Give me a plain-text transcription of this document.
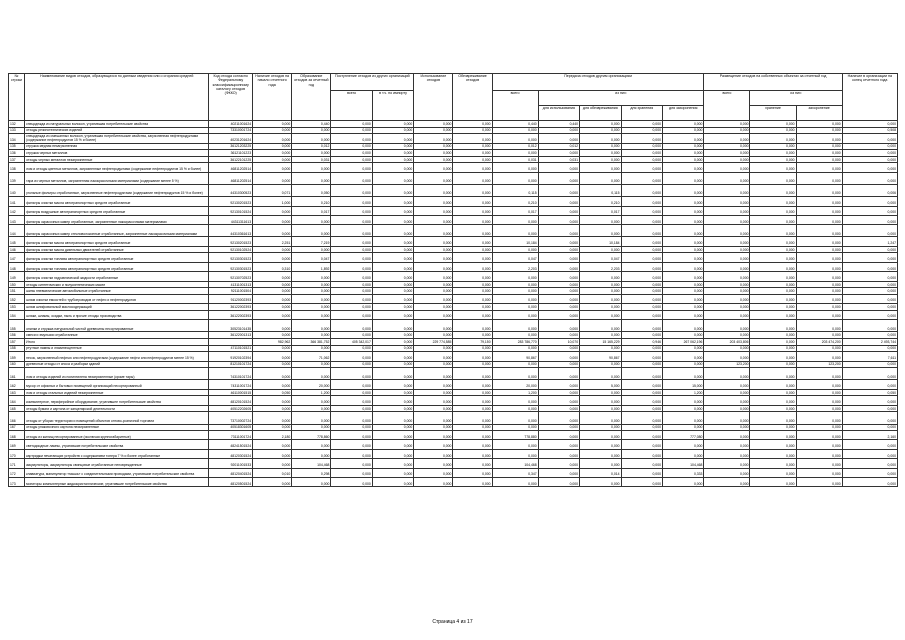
№ строки	Наименование видов отходов, образующихся по данным сведения или о сгорания средней	Код отхода согласно Федеральному классификационному каталогу отходов (ФККО)	Наличие отходов на начало отчетного года	Образование отходов за отчетный год	Поступление отходов из других организаций		Использование отходов	Обезвреживание отходов	Передача отходов другим организациям					Размещение отходов на собственных объектах за отчетный год			Наличие в организации на конец отчетного года
					всего	в т.ч. по импорту			всего	из них:				всего	из них:		
										для использования	для обезвреживания	для хранения	для захоронения		хранение	захоронение	
132	спецодежда из натуральных волокон, утратившая потребительские свойства	40211001624	0,000	0,440	0,000	0,000	0,000	0,000	0,440	0,440	0,000	0,000	0,000	0,000	0,000	0,000	0,000
133	отходы резинотехнических изделий	73310001724	0,000	0,000	0,000	0,000	0,000	0,000	0,000	0,000	0,000	0,000	0,000	0,000	0,000	0,000	0,508
134	спецодежда из смешанных волокон, утратившая потребительские свойства, загрязненная нефтепродуктами (содержание нефтепродуктов 15 % и более)	40231201624	0,000	0,000	0,000	0,000	0,000	0,000	0,000	0,000	0,000	0,000	0,000	0,000	0,000	0,000	0,000
135	стружка медная незагрязненная	36121203225	0,000	0,012	0,000	0,000	0,000	0,000	0,012	0,012	0,000	0,000	0,000	0,000	0,000	0,000	0,000
136	стружка черных металлов	36121101223	0,000	0,000	0,000	0,000	0,000	0,000	0,000	0,000	0,000	0,000	0,000	0,000	0,000	0,000	0,000
137	отходы черных металлов незагрязненные	36122101225	0,000	0,031	0,000	0,000	0,000	0,000	0,031	0,031	0,000	0,000	0,000	0,000	0,000	0,000	0,000
138	лом и отходы цветных металлов, загрязненные нефтепродуктами (содержание нефтепродуктов 15 % и более)	46811202514	0,000	0,000	0,000	0,000	0,000	0,000	0,000	0,000	0,000	0,000	0,000	0,000	0,000	0,000	0,000
139	тара из черных металлов, загрязненная лакокрасочными материалами (содержание менее 5 %)	46811202514	0,000	0,000	0,000	0,000	0,000	0,000	0,000	0,000	0,000	0,000	0,000	0,000	0,000	0,000	0,000
140	угольные фильтры отработанные, загрязненные нефтепродуктами (содержание нефтепродуктов 15 % и более)	44310300523	0,071	0,050	0,000	0,000	0,000	0,000	0,115	0,000	0,115	0,000	0,000	0,000	0,000	0,000	0,006
141	фильтры очистки масла автотранспортных средств отработанные	92130201523	1,000	0,210	0,000	0,000	0,000	0,000	0,210	0,000	0,210	0,000	0,000	0,000	0,000	0,000	0,000
142	фильтры воздушные автотранспортных средств отработанные	92130101524	0,000	0,017	0,000	0,000	0,000	0,000	0,017	0,000	0,017	0,000	0,000	0,000	0,000	0,000	0,000
143	фильтры окрасочных камер отработанные, загрязненные лакокрасочными материалами	44311311613	0,000	0,000	0,000	0,000	0,000	0,000	0,000	0,000	0,000	0,000	0,000	0,000	0,000	0,000	0,000
144	фильтры окрасочных камер стекловолоконные отработанные, загрязненные лакокрасочными материалами	44310361613	0,000	0,000	0,000	0,000	0,000	0,000	0,000	0,000	0,000	0,000	0,000	0,000	0,000	0,000	0,000
145	фильтры очистки масла автотранспортных средств отработанные	92130201523	2,251	7,219	0,000	0,000	0,000	0,000	10,184	0,000	10,184	0,000	0,000	0,000	0,000	0,000	1,247
146	фильтры очистки масла дизельных двигателей отработанные	92130102524	0,000	0,000	0,000	0,000	0,000	0,000	0,000	0,000	0,000	0,000	0,000	0,000	0,000	0,000	0,000
147	фильтры очистки топлива автотранспортных средств отработанные	92130301523	0,000	0,047	0,000	0,000	0,000	0,000	0,047	0,000	0,047	0,000	0,000	0,000	0,000	0,000	0,000
148	фильтры очистки топлива автотранспортных средств отработанные	92130301523	0,310	1,892	0,000	0,000	0,000	0,000	2,203	0,000	2,203	0,000	0,000	0,000	0,000	0,000	0,000
149	фильтры очистки гидравлической жидкости отработанные	92130702523	0,000	0,000	0,000	0,000	0,000	0,000	0,000	0,000	0,000	0,000	0,000	0,000	0,000	0,000	0,000
150	отходы синтетических и полусинтетических масел	41311001313	0,000	0,000	0,000	0,000	0,000	0,000	0,000	0,000	0,000	0,000	0,000	0,000	0,000	0,000	0,000
151	шины пневматические автомобильные отработанные	92111001504	0,000	0,000	0,000	0,000	0,000	0,000	0,000	0,000	0,000	0,000	0,000	0,000	0,000	0,000	0,000
152	шлам очистки емкостей и трубопроводов от нефти и нефтепродуктов	91120002393	0,000	0,000	0,000	0,000	0,000	0,000	0,000	0,000	0,000	0,000	0,000	0,000	0,000	0,000	0,000
153	шлам шлифовальный маслосодержащий	36122002393	0,000	0,000	0,000	0,000	0,000	0,000	0,000	0,000	0,000	0,000	0,000	0,000	0,000	0,000	0,000
154	шлаки, шламы, осадки, пыль и прочие отходы производства	36122002393	0,000	0,000	0,000	0,000	0,000	0,000	0,000	0,000	0,000	0,000	0,000	0,000	0,000	0,000	0,000
155	опилки и стружка натуральной чистой древесины несортированные	30523101435	0,000	0,000	0,000	0,000	0,000	0,000	0,000	0,000	0,000	0,000	0,000	0,000	0,000	0,000	0,000
156	смеси и эмульсии отработанные	36122001313	0,000	0,000	0,000	0,000	0,000	0,000	0,000	0,000	0,000	0,000	0,000	0,000	0,000	0,000	0,000
157	Итого		982,962	366 381,752	405 342,017	0,000	229 774,585	79,150	283 786,770	10,070	15 165,229	0,946	267 062,196	203 403,806	0,000	203 474,200	2 493,744
158	ртутные лампы и люминесцентные	47110101521	0,000	0,000	0,000	0,000	0,000	0,000	0,000	0,000	0,000	0,000	0,000	0,000	0,000	0,000	0,000
159	песок, загрязненный нефтью или нефтепродуктами (содержание нефти или нефтепродуктов менее 15 %)	91920102394	0,000	71,062	0,000	0,000	0,000	0,000	90,867	0,000	90,867	0,000	0,000	0,000	0,000	0,000	7,611
160	древесные отходы от сноса и разборки зданий	81210101724	0,000	0,000	0,000	0,000	0,000	0,000	0,000	0,000	0,000	0,000	0,000	123,200	0,000	123,200	0,000
161	лом и отходы изделий из полиэтилена незагрязненные (кроме тары)	74310101724	0,000	0,000	0,000	0,000	0,000	0,000	0,000	0,000	0,000	0,000	0,000	0,000	0,000	0,000	0,000
162	мусор от офисных и бытовых помещений организаций несортированный	74311001724	0,000	20,000	0,000	0,000	0,000	0,000	20,000	0,000	5,000	0,000	15,000	0,000	0,000	0,000	0,000
163	лом и отходы стальных изделий незагрязненные	46110001515	0,050	1,200	0,000	0,000	0,000	0,000	1,200	0,000	0,000	0,000	1,200	0,000	0,000	0,000	0,050
164	компьютерное, периферийное оборудование, утратившее потребительские свойства	48120101524	0,000	0,000	0,000	0,000	0,000	0,000	0,000	0,000	0,000	0,000	0,000	0,000	0,000	0,000	0,000
165	отходы бумаги и картона от канцелярской деятельности	40512202605	0,000	0,000	0,000	0,000	0,000	0,000	0,000	0,000	0,000	0,000	0,000	0,000	0,000	0,000	0,000
166	отходы от уборки территории и помещений объектов оптово-розничной торговли	73710002724	0,000	0,000	0,000	0,000	0,000	0,000	0,000	0,000	0,000	0,000	0,000	0,000	0,000	0,000	0,000
167	отходы упаковочного картона незагрязненные	40518301605	0,000	0,000	0,000	0,000	0,000	0,000	0,000	0,000	0,000	0,000	0,000	0,000	0,000	0,000	0,000
168	отходы из жилищ несортированные (исключая крупногабаритные)	73111001724	2,180	778,860	0,000	0,000	0,000	0,000	778,880	0,000	0,000	0,000	777,080	0,000	0,000	0,000	2,160
169	светодиодные лампы, утратившие потребительские свойства	48241501524	0,000	0,000	0,000	0,000	0,000	0,000	0,000	0,000	0,000	0,000	0,000	0,000	0,000	0,000	0,000
170	картриджи печатающих устройств с содержанием тонера 7 % и более отработанные	48120301524	0,000	0,000	0,000	0,000	0,000	0,000	0,000	0,000	0,000	0,000	0,000	0,000	0,000	0,000	0,000
171	аккумуляторы, аккумуляторы свинцовые отработанные неповрежденные	92011001533	0,000	104,468	0,000	0,000	0,000	0,000	104,468	0,000	0,000	0,000	104,468	0,000	0,000	0,000	0,000
172	клавиатура, манипулятор «мышь» с соединительными проводами, утратившие потребительские свойства	48120401524	0,010	0,298	0,000	0,000	0,000	0,000	0,347	0,000	0,014	0,000	0,333	0,000	0,000	0,000	0,000
173	мониторы компьютерные жидкокристаллические, утратившие потребительские свойства	48120501524	0,000	0,000	0,000	0,000	0,000	0,000	0,000	0,000	0,000	0,000	0,000	0,000	0,000	0,000	0,000
Страница 4 из 17
